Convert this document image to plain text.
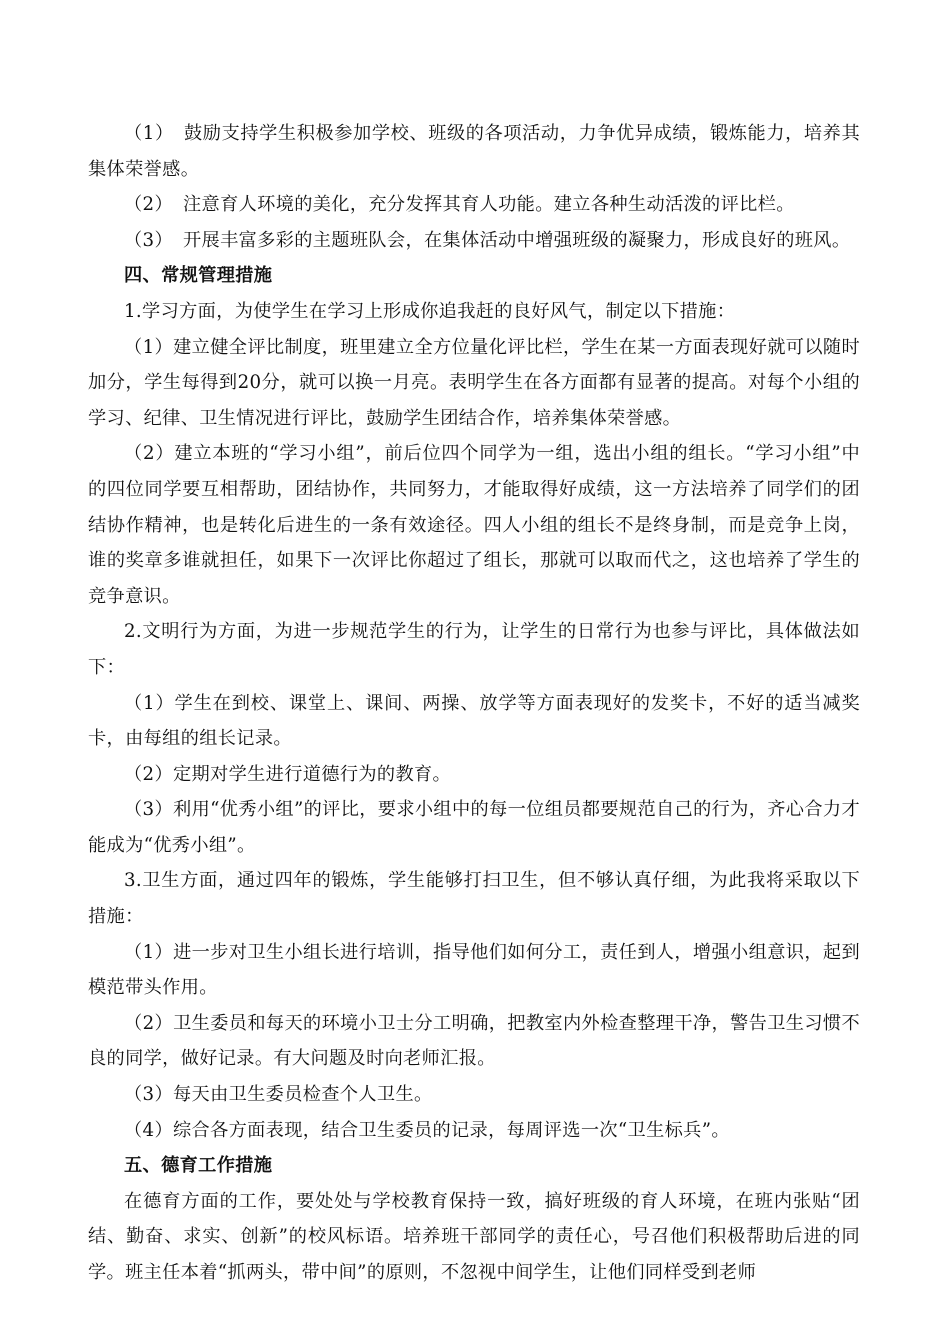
（1） 鼓励支持学生积极参加学校、班级的各项活动，力争优异成绩，锻炼能力，培养其集体荣誉感。

（2） 注意育人环境的美化，充分发挥其育人功能。建立各种生动活泼的评比栏。

（3） 开展丰富多彩的主题班队会，在集体活动中增强班级的凝聚力，形成良好的班风。

四、常规管理措施

1.学习方面，为使学生在学习上形成你追我赶的良好风气，制定以下措施：

（1）建立健全评比制度，班里建立全方位量化评比栏，学生在某一方面表现好就可以随时加分，学生每得到20分，就可以换一月亮。表明学生在各方面都有显著的提高。对每个小组的学习、纪律、卫生情况进行评比，鼓励学生团结合作，培养集体荣誉感。

（2）建立本班的“学习小组”，前后位四个同学为一组，选出小组的组长。“学习小组”中的四位同学要互相帮助，团结协作，共同努力，才能取得好成绩，这一方法培养了同学们的团结协作精神，也是转化后进生的一条有效途径。四人小组的组长不是终身制，而是竞争上岗，谁的奖章多谁就担任，如果下一次评比你超过了组长，那就可以取而代之，这也培养了学生的竞争意识。

2.文明行为方面，为进一步规范学生的行为，让学生的日常行为也参与评比，具体做法如下：

（1）学生在到校、课堂上、课间、两操、放学等方面表现好的发奖卡，不好的适当减奖卡，由每组的组长记录。

（2）定期对学生进行道德行为的教育。

（3）利用“优秀小组”的评比，要求小组中的每一位组员都要规范自己的行为，齐心合力才能成为“优秀小组”。

3.卫生方面，通过四年的锻炼，学生能够打扫卫生，但不够认真仔细，为此我将采取以下措施：

（1）进一步对卫生小组长进行培训，指导他们如何分工，责任到人，增强小组意识，起到模范带头作用。

（2）卫生委员和每天的环境小卫士分工明确，把教室内外检查整理干净，警告卫生习惯不良的同学，做好记录。有大问题及时向老师汇报。

（3）每天由卫生委员检查个人卫生。

（4）综合各方面表现，结合卫生委员的记录，每周评选一次“卫生标兵”。

五、德育工作措施

在德育方面的工作，要处处与学校教育保持一致，搞好班级的育人环境，在班内张贴“团结、勤奋、求实、创新”的校风标语。培养班干部同学的责任心，号召他们积极帮助后进的同学。班主任本着“抓两头，带中间”的原则，不忽视中间学生，让他们同样受到老师
